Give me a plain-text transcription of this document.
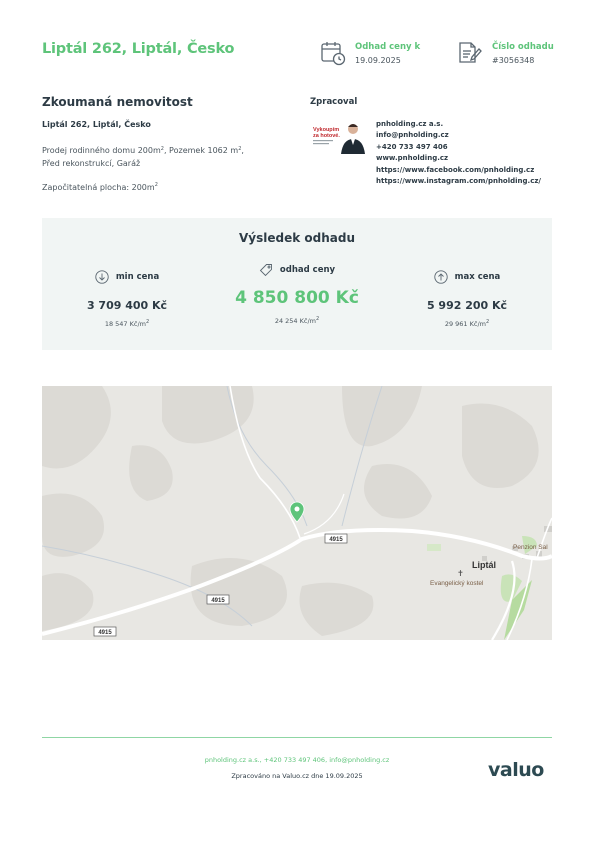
Liptál 262, Liptál, Česko	Odhad ceny k
19.09.2025
Číslo odhadu
#3056348
Zkoumaná nemovitost
Liptál 262, Liptál, Česko
Prodej rodinného domu $200m^2$, Pozemek 1062 $m^2$,
Před rekonstrukcí, Garáž
Započitatelná plocha: $200m^2$
Zpracoval
Vykoupím
za hotové.
pnholding.cz a.s.
info@pnholding.cz
+420 733 497 406
www.pnholding.cz
https://www.facebook.com/pnholding.cz
https://www.instagram.com/pnholding.cz/
Výsledek odhadu
min cena
3 709 400 Kč
18 547 $Kč/m^2$
odhad ceny
4 850 800 Kč
24 254 $Kč/m^2$
max cena
5 992 200 Kč
29 961 $Kč/m^2$
4915
4915
4915
Liptál
✝
Evangelický kostel
Penzion Sal
pnholding.cz a.s., +420 733 497 406, info@pnholding.cz
Zpracováno na Valuo.cz dne 19.09.2025	valuo
